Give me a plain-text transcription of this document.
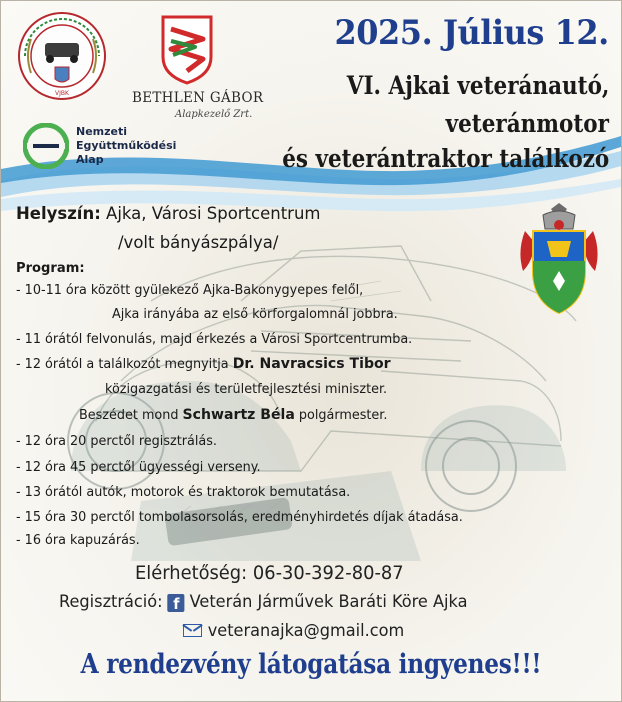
VJBK	BETHLEN GÁBOR
Alapkezelő Zrt.
Nemzeti
Együttműködési
Alap
2025. Július 12.
VI. Ajkai veteránautó,
veteránmotor
és veterántraktor találkozó
Helyszín: Ajka, Városi Sportcentrum
/volt bányászpálya/
Program:
- 10-11 óra között gyülekező Ajka-Bakonygyepes felől,
Ajka irányába az első körforgalomnál jobbra.
- 11 órától felvonulás, majd érkezés a Városi Sportcentrumba.
- 12 órától a találkozót megnyitja Dr. Navracsics Tibor
közigazgatási és területfejlesztési miniszter.
Beszédet mond Schwartz Béla polgármester.
- 12 óra 20 perctől regisztrálás.
- 12 óra 45 perctől ügyességi verseny.
- 13 órától autók, motorok és traktorok bemutatása.
- 15 óra 30 perctől tombolasorsolás, eredményhirdetés díjak átadása.
- 16 óra kapuzárás.
Elérhetőség: 06-30-392-80-87
Regisztráció: f Veterán Járművek Baráti Köre Ajka
veteranajka@gmail.com
A rendezvény látogatása ingyenes!!!
